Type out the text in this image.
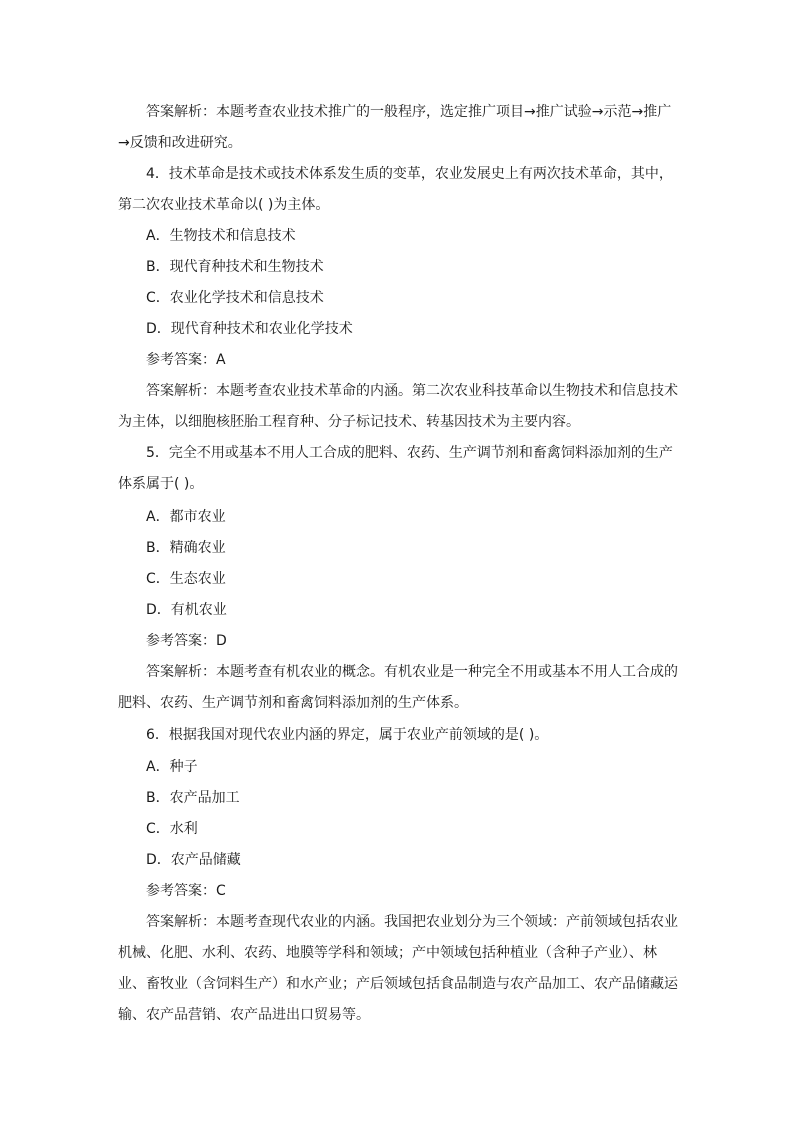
答案解析：本题考查农业技术推广的一般程序，选定推广项目→推广试验→示范→推广→反馈和改进研究。

4．技术革命是技术或技术体系发生质的变革，农业发展史上有两次技术革命，其中，第二次农业技术革命以( )为主体。

A．生物技术和信息技术

B．现代育种技术和生物技术

C．农业化学技术和信息技术

D．现代育种技术和农业化学技术

参考答案：A

答案解析：本题考查农业技术革命的内涵。第二次农业科技革命以生物技术和信息技术为主体，以细胞核胚胎工程育种、分子标记技术、转基因技术为主要内容。

5．完全不用或基本不用人工合成的肥料、农药、生产调节剂和畜禽饲料添加剂的生产体系属于( )。

A．都市农业

B．精确农业

C．生态农业

D．有机农业

参考答案：D

答案解析：本题考查有机农业的概念。有机农业是一种完全不用或基本不用人工合成的肥料、农药、生产调节剂和畜禽饲料添加剂的生产体系。

6．根据我国对现代农业内涵的界定，属于农业产前领域的是( )。

A．种子

B．农产品加工

C．水利

D．农产品储藏

参考答案：C

答案解析：本题考查现代农业的内涵。我国把农业划分为三个领域：产前领域包括农业机械、化肥、水利、农药、地膜等学科和领域；产中领域包括种植业（含种子产业）、林业、畜牧业（含饲料生产）和水产业；产后领域包括食品制造与农产品加工、农产品储藏运输、农产品营销、农产品进出口贸易等。
